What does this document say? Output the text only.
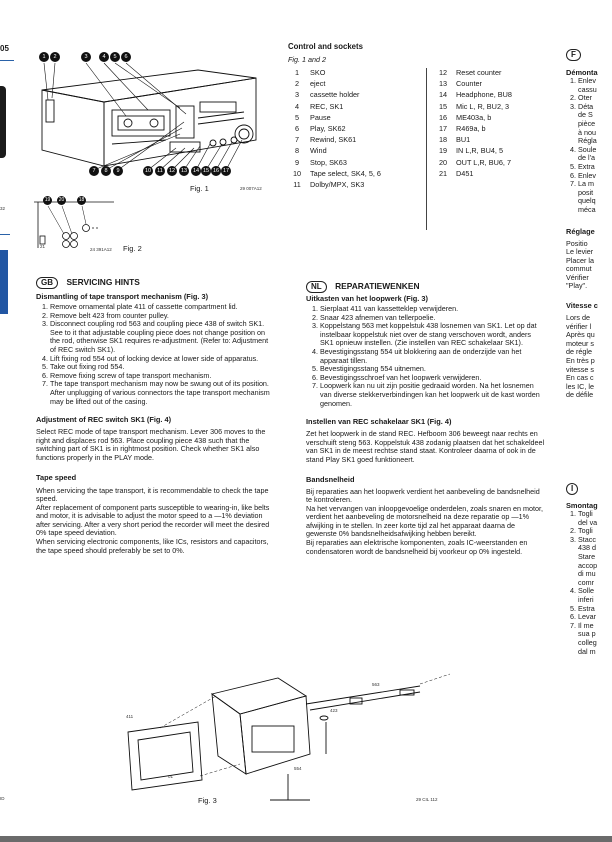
05
32
ID
1	2	3	4	5	6
7	8	9	10	11	12	13	14 15 16 17
Fig. 1	29 007A12
19	20	18
21
24 391A12 Fig. 2
Control and sockets
Fig. 1 and 2
1	SKO
2	eject
3	cassette holder
4	REC, SK1
5	Pause
6	Play, SK62
7	Rewind, SK61
8	Wind
9	Stop, SK63
10	Tape select, SK4, 5, 6
11	Dolby/MPX, SK3
12	Reset counter
13	Counter
14	Headphone, BU8
15	Mic L, R, BU2, 3
16	ME403a, b
17	R469a, b
18	BU1
19	IN L,R, BU4, 5
20	OUT L,R, BU6, 7
21	D451
GB SERVICING HINTS
Dismantling of tape transport mechanism (Fig. 3)
1. Remove ornamental plate 411 of cassette compartment lid.
2. Remove belt 423 from counter pulley.
3. Disconnect coupling rod 563 and coupling piece 438 of switch SK1. See to it that adjustable coupling piece does not change position on the rod, otherwise SK1 requires re-adjustment. (Refer to: Adjustment of REC switch SK1).
4. Lift fixing rod 554 out of locking device at lower side of apparatus.
5. Take out fixing rod 554.
6. Remove fixing screw of tape transport mechanism.
7. The tape transport mechanism may now be swung out of its position. After unplugging of various connectors the tape transport mechanism may be lifted out of the casing.
Adjustment of REC switch SK1 (Fig. 4)

Select REC mode of tape transport mechanism. Lever 306 moves to the right and displaces rod 563. Place coupling piece 438 such that the switching part of SK1 is in rightmost position. Check whether SK1 also functions properly in the PLAY mode.

Tape speed

When servicing the tape transport, it is recommendable to check the tape speed.

After replacement of component parts susceptible to wearing-in, like belts and motor, it is advisable to adjust the motor speed to a —1% deviation after servicing. After a very short period the recorder will meet the desired 0% tape speed deviation.

When servicing electronic components, like ICs, resistors and capacitors, the tape speed should preferably be set to 0%.

NL REPARATIEWENKEN
Uitkasten van het loopwerk (Fig. 3)
1. Sierplaat 411 van kassetteklep verwijderen.
2. Snaar 423 afnemen van tellerpoelie.
3. Koppelstang 563 met koppelstuk 438 losnemen van SK1. Let op dat instelbaar koppelstuk niet over de stang verschoven wordt, anders SK1 opnieuw instellen. (Zie instellen van REC schakelaar SK1).
4. Bevestigingsstang 554 uit blokkering aan de onderzijde van het apparaat tillen.
5. Bevestigingsstang 554 uitnemen.
6. Bevestigingsschroef van het loopwerk verwijderen.
7. Loopwerk kan nu uit zijn positie gedraaid worden. Na het losnemen van diverse stekkerverbindingen kan het loopwerk uit de kast worden genomen.
Instellen van REC schakelaar SK1 (Fig. 4)

Zet het loopwerk in de stand REC. Hefboom 306 beweegt naar rechts en verschuift steng 563. Koppelstuk 438 zodanig plaatsen dat het schakeldeel van SK1 in de meest rechtse stand staat. Kontroleer daarna of ook in de stand Play SK1 goed funktioneert.

Bandsnelheid

Bij reparaties aan het loopwerk verdient het aanbeveling de bandsnelheid te kontroleren.

Na het vervangen van inloopgevoelige onderdelen, zoals snaren en motor, verdient het aanbeveling de motorsnelheid na deze reparatie op —1% afwijking in te stellen. In zeer korte tijd zal het apparaat daarna de gewenste 0% bandsnelheidsafwijking hebben bereikt.

Bij reparaties aan elektrische komponenten, zoals IC-weerstanden en condensatoren wordt de bandsnelheid bij voorkeur op 0% ingesteld.

F
Démonta
1. Enlev
cassu
2. Oter
3. Déta
de S
pièce
à nou
Régla
4. Soule
de l'a
5. Extra
6. Enlev
7. La m
posit
quelq
méca
Réglage

Positio
Le levier
Placer la
commut
Vérifier
"Play".

Vitesse c

Lors de
vérifier l
Après qu
moteur s
de régle
En très p
vitesse s
En cas c
les IC, le
de défile

I
Smontag
1. Togli
del va
2. Togli
3. Stacc
438 d
Stare
accop
di mu
comr
4. Solle
inferi
5. Estra
6. Levar
7. Il me
sua p
colleg
dal m
563
554
411
423
01
Fig. 3	29 CIL 112
